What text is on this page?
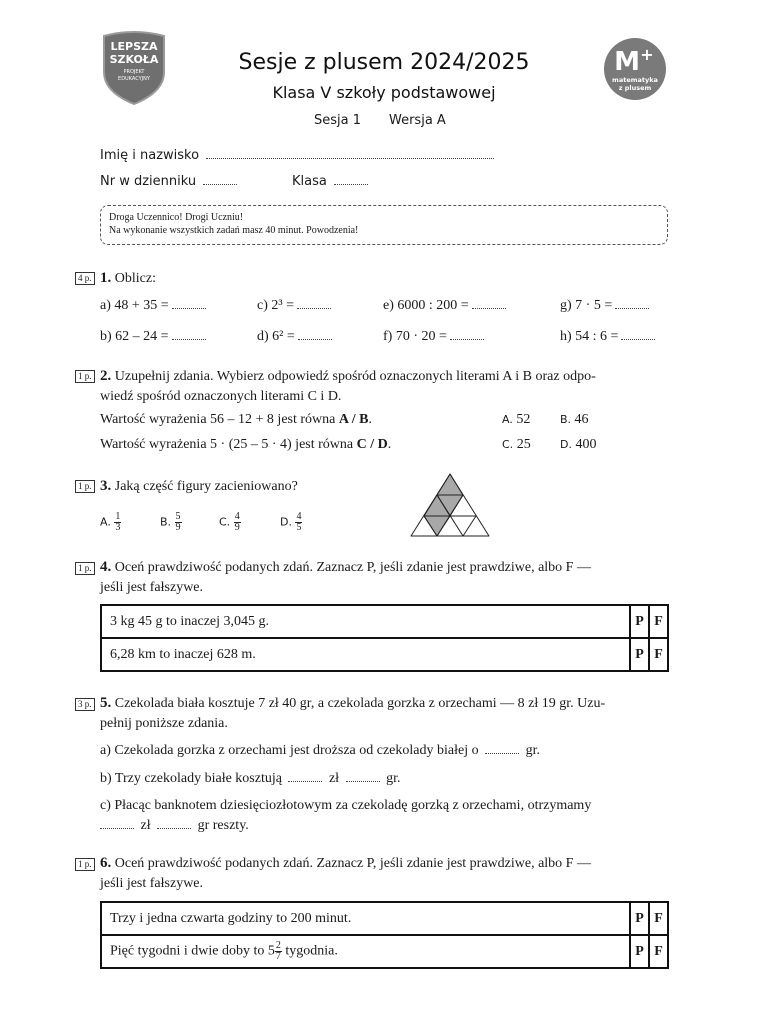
LEPSZA
SZKOŁA
PROJEKT
EDUKACYJNY
M +
matematyka
z plusem
Sesje z plusem 2024/2025
Klasa V szkoły podstawowej
Sesja 1 Wersja A
Imię i nazwisko
Nr w dzienniku	Klasa
Droga Uczennico! Drogi Uczniu!
Na wykonanie wszystkich zadań masz 40 minut. Powodzenia!
4 p. 1. Oblicz:
a) 48 + 35 =	c) 2³ =	e) 6000 : 200 =	g) 7 · 5 =
b) 62 – 24 =	d) 6² =	f) 70 · 20 =	h) 54 : 6 =
1 p. 2. Uzupełnij zdania. Wybierz odpowiedź spośród oznaczonych literami A i B oraz odpo-
wiedź spośród oznaczonych literami C i D.
Wartość wyrażenia 56 – 12 + 8 jest równa A / B.
Wartość wyrażenia 5 · (25 – 5 · 4) jest równa C / D.
A. 52	B. 46
C. 25	D. 400
1 p. 3. Jaką część figury zacieniowano?
A. $\frac{1}{3}$	B. $\frac{5}{9}$	C. $\frac{4}{9}$	D. $\frac{4}{5}$
1 p. 4. Oceń prawdziwość podanych zdań. Zaznacz P, jeśli zdanie jest prawdziwe, albo F —
jeśli jest fałszywe.
3 kg 45 g to inaczej 3,045 g.	P	F
6,28 km to inaczej 628 m.	P	F
3 p. 5. Czekolada biała kosztuje 7 zł 40 gr, a czekolada gorzka z orzechami — 8 zł 19 gr. Uzu-
pełnij poniższe zdania.
a) Czekolada gorzka z orzechami jest droższa od czekolady białej o	gr.
b) Trzy czekolady białe kosztują	zł	gr.
c) Płacąc banknotem dziesięciozłotowym za czekoladę gorzką z orzechami, otrzymamy
zł	gr reszty.
1 p. 6. Oceń prawdziwość podanych zdań. Zaznacz P, jeśli zdanie jest prawdziwe, albo F —
jeśli jest fałszywe.
Trzy i jedna czwarta godziny to 200 minut.	P	F
Pięć tygodni i dwie doby to $5 \frac{2}{7}$ tygodnia.	P	F
